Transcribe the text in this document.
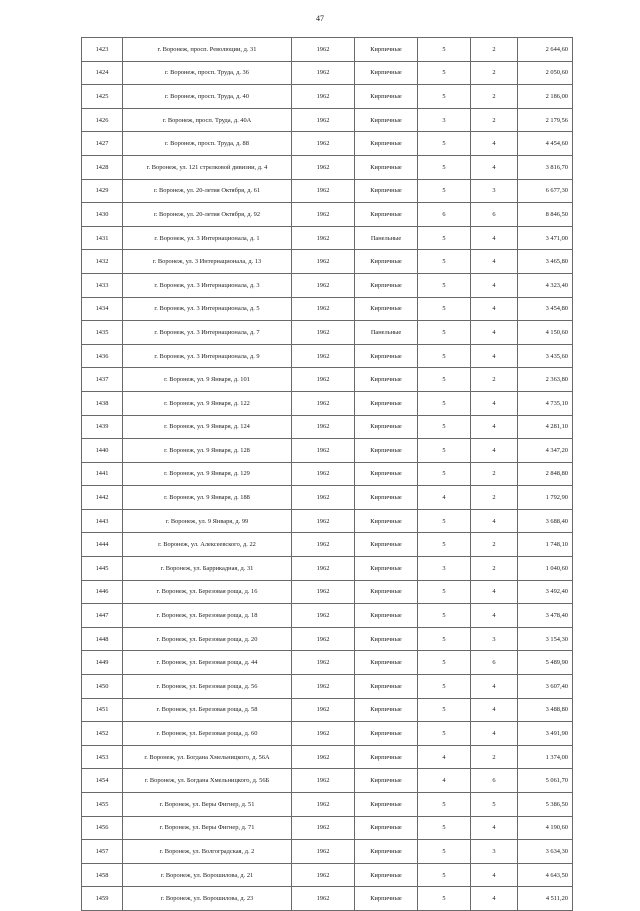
47
1423	г. Воронеж, просп. Революции, д. 31	1962	Кирпичные	5	2	2 644,60
1424	г. Воронеж, просп. Труда, д. 36	1962	Кирпичные	5	2	2 050,60
1425	г. Воронеж, просп. Труда, д. 40	1962	Кирпичные	5	2	2 186,00
1426	г. Воронеж, просп. Труда, д. 40А	1962	Кирпичные	3	2	2 179,56
1427	г. Воронеж, просп. Труда, д. 88	1962	Кирпичные	5	4	4 454,60
1428	г. Воронеж, ул. 121 стрелковой дивизии, д. 4	1962	Кирпичные	5	4	3 816,70
1429	г. Воронеж, ул. 20-летия Октября, д. 61	1962	Кирпичные	5	3	6 677,30
1430	г. Воронеж, ул. 20-летия Октября, д. 92	1962	Кирпичные	6	6	8 846,50
1431	г. Воронеж, ул. 3 Интернационала, д. 1	1962	Панельные	5	4	3 471,00
1432	г. Воронеж, ул. 3 Интернационала, д. 13	1962	Кирпичные	5	4	3 465,80
1433	г. Воронеж, ул. 3 Интернационала, д. 3	1962	Кирпичные	5	4	4 323,40
1434	г. Воронеж, ул. 3 Интернационала, д. 5	1962	Кирпичные	5	4	3 454,80
1435	г. Воронеж, ул. 3 Интернационала, д. 7	1962	Панельные	5	4	4 150,60
1436	г. Воронеж, ул. 3 Интернационала, д. 9	1962	Кирпичные	5	4	3 435,60
1437	г. Воронеж, ул. 9 Января, д. 101	1962	Кирпичные	5	2	2 363,80
1438	г. Воронеж, ул. 9 Января, д. 122	1962	Кирпичные	5	4	4 735,10
1439	г. Воронеж, ул. 9 Января, д. 124	1962	Кирпичные	5	4	4 281,10
1440	г. Воронеж, ул. 9 Января, д. 128	1962	Кирпичные	5	4	4 347,20
1441	г. Воронеж, ул. 9 Января, д. 129	1962	Кирпичные	5	2	2 848,80
1442	г. Воронеж, ул. 9 Января, д. 188	1962	Кирпичные	4	2	1 792,90
1443	г. Воронеж, ул. 9 Января, д. 99	1962	Кирпичные	5	4	3 688,40
1444	г. Воронеж, ул. Алексеевского, д. 22	1962	Кирпичные	5	2	1 748,10
1445	г. Воронеж, ул. Баррикадная, д. 31	1962	Кирпичные	3	2	1 040,60
1446	г. Воронеж, ул. Березовая роща, д. 16	1962	Кирпичные	5	4	3 492,40
1447	г. Воронеж, ул. Березовая роща, д. 18	1962	Кирпичные	5	4	3 478,40
1448	г. Воронеж, ул. Березовая роща, д. 20	1962	Кирпичные	5	3	3 154,30
1449	г. Воронеж, ул. Березовая роща, д. 44	1962	Кирпичные	5	6	5 489,90
1450	г. Воронеж, ул. Березовая роща, д. 56	1962	Кирпичные	5	4	3 607,40
1451	г. Воронеж, ул. Березовая роща, д. 58	1962	Кирпичные	5	4	3 488,80
1452	г. Воронеж, ул. Березовая роща, д. 60	1962	Кирпичные	5	4	3 491,90
1453	г. Воронеж, ул. Богдана Хмельницкого, д. 56А	1962	Кирпичные	4	2	1 374,00
1454	г. Воронеж, ул. Богдана Хмельницкого, д. 56Б	1962	Кирпичные	4	6	5 061,70
1455	г. Воронеж, ул. Веры Фигнер, д. 51	1962	Кирпичные	5	5	5 386,50
1456	г. Воронеж, ул. Веры Фигнер, д. 71	1962	Кирпичные	5	4	4 190,60
1457	г. Воронеж, ул. Волгоградская, д. 2	1962	Кирпичные	5	3	3 634,30
1458	г. Воронеж, ул. Ворошилова, д. 21	1962	Кирпичные	5	4	4 643,50
1459	г. Воронеж, ул. Ворошилова, д. 23	1962	Кирпичные	5	4	4 511,20
